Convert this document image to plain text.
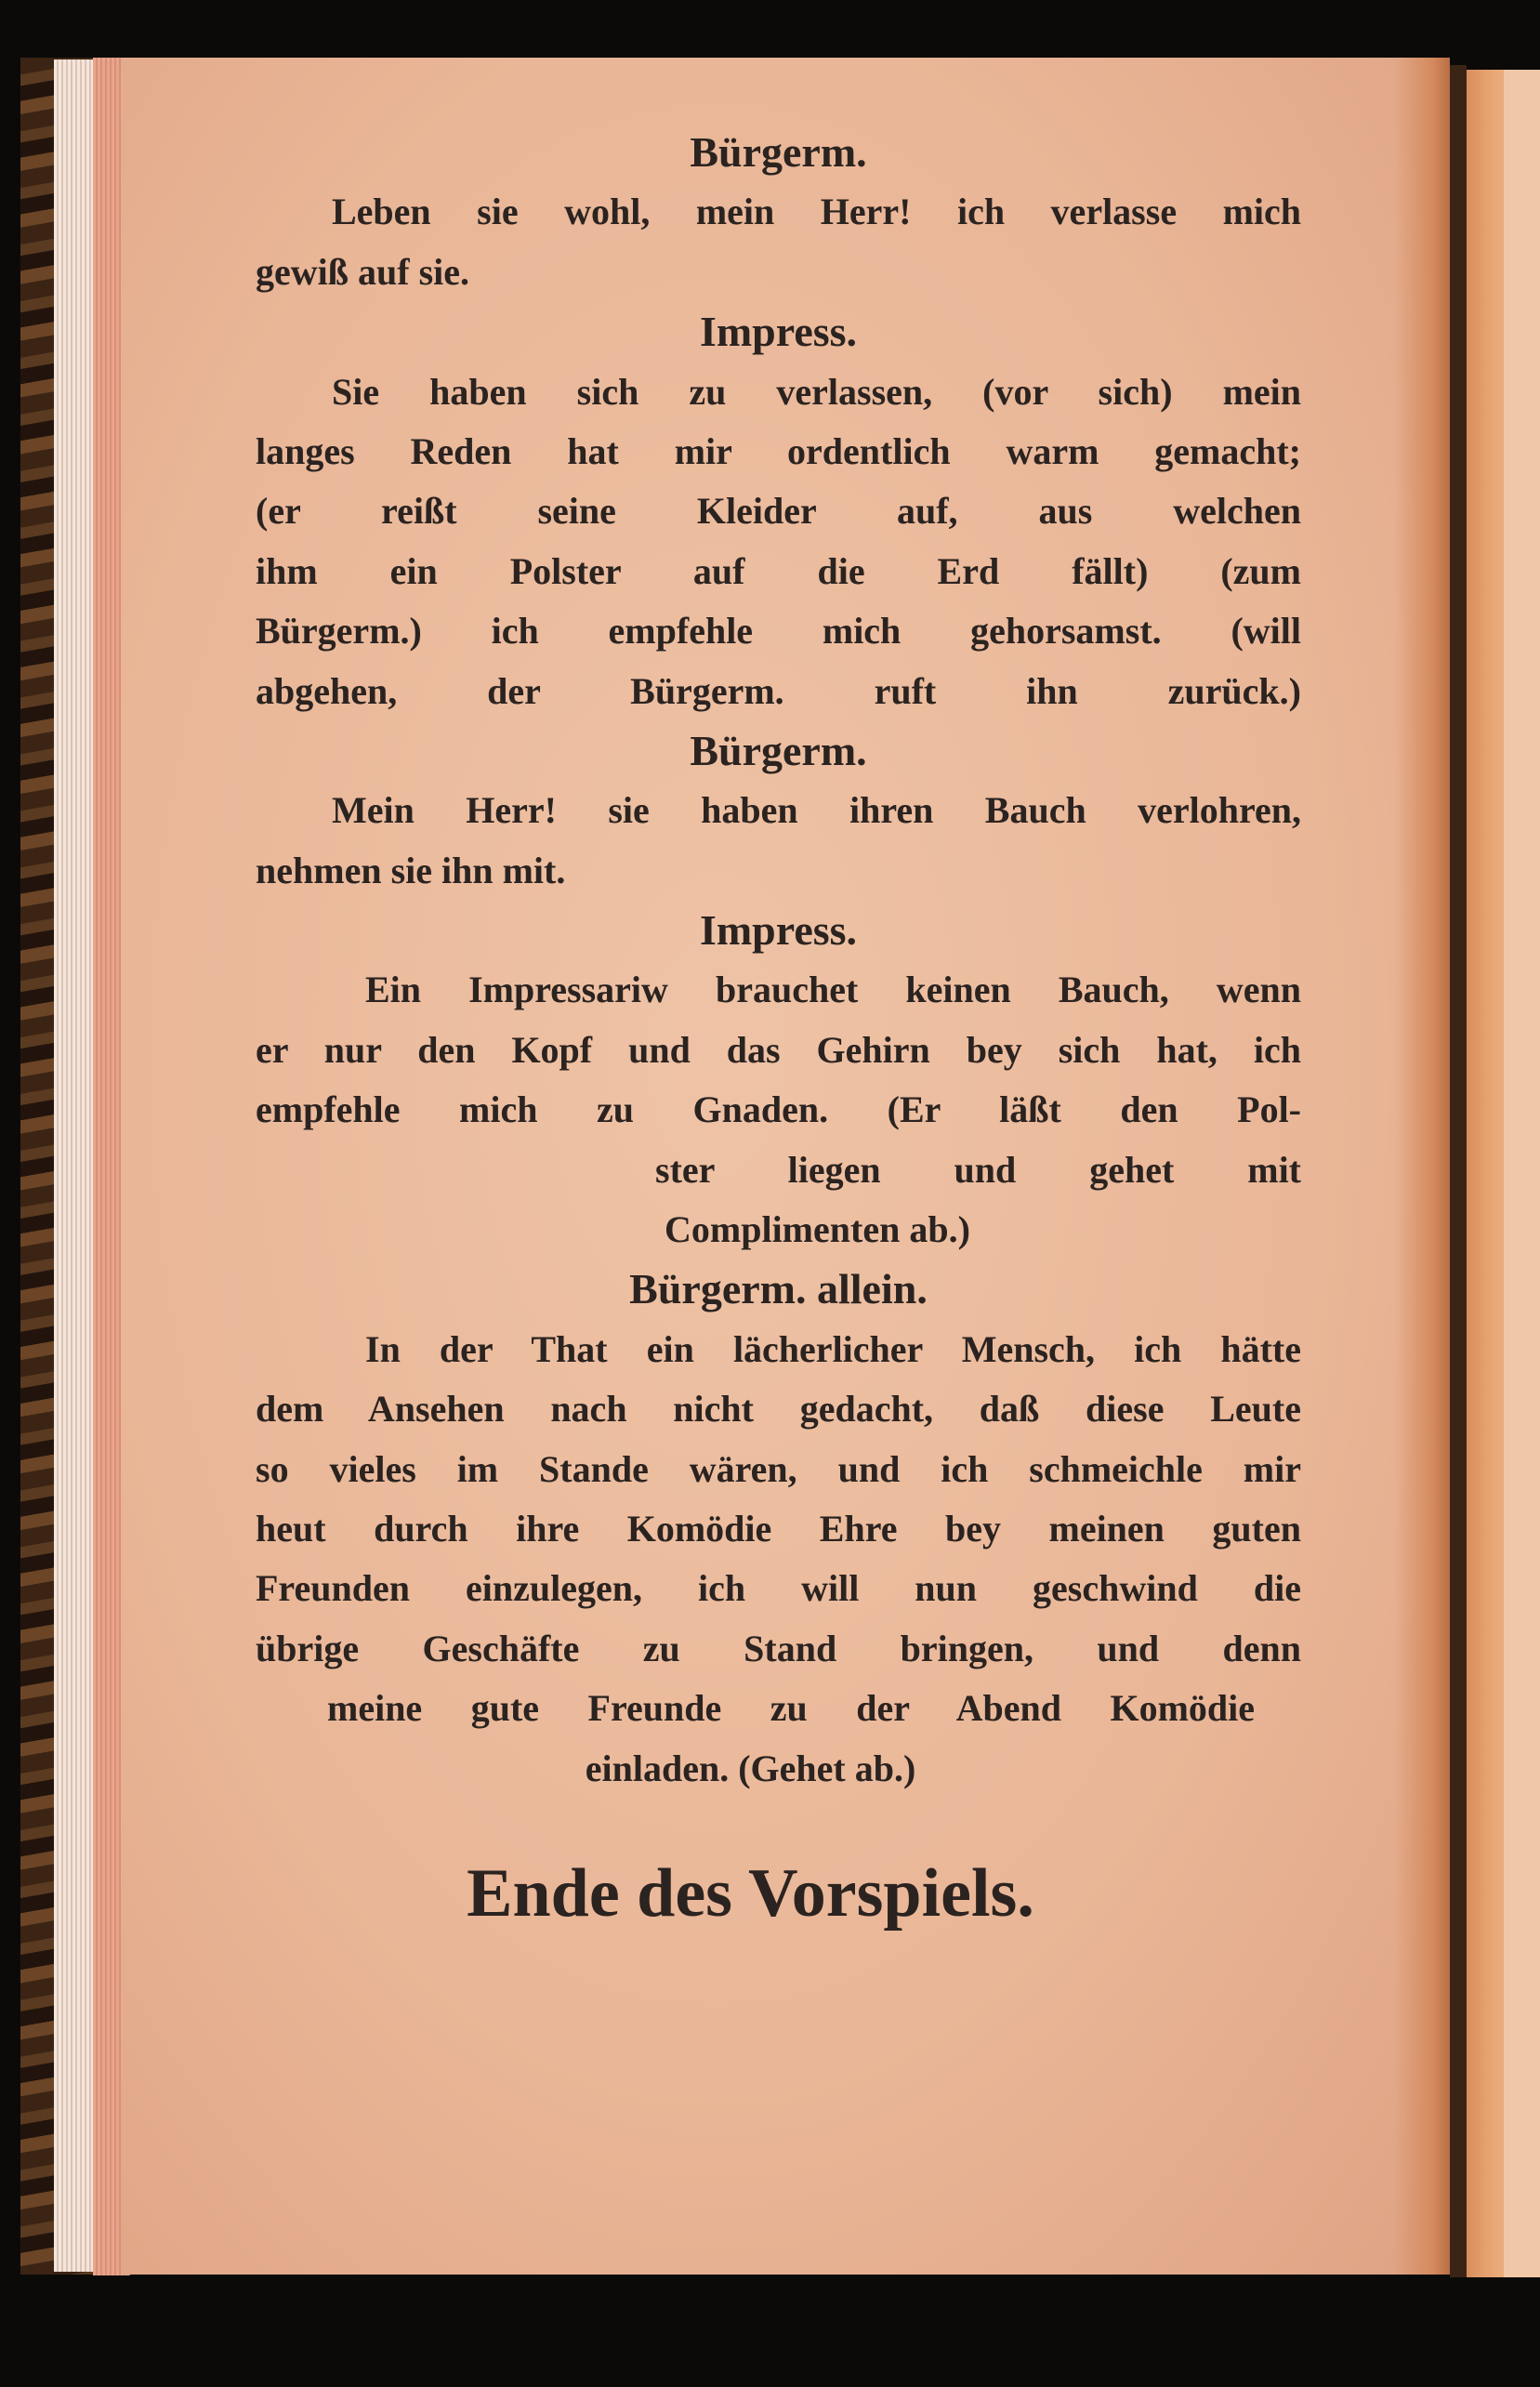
Bürgerm.
Leben sie wohl, mein Herr! ich verlasse mich
gewiß auf sie.
Impress.
Sie haben sich zu verlassen, (vor sich) mein
langes Reden hat mir ordentlich warm gemacht;
(er reißt seine Kleider auf, aus welchen
ihm ein Polster auf die Erd fällt) (zum
Bürgerm.) ich empfehle mich gehorsamst. (will
abgehen, der Bürgerm. ruft ihn zurück.)
Bürgerm.
Mein Herr! sie haben ihren Bauch verlohren,
nehmen sie ihn mit.
Impress.
Ein Impressariw brauchet keinen Bauch, wenn
er nur den Kopf und das Gehirn bey sich hat, ich
empfehle mich zu Gnaden. (Er läßt den Pol-
ster liegen und gehet mit
Complimenten ab.)
Bürgerm. allein.
In der That ein lächerlicher Mensch, ich hätte
dem Ansehen nach nicht gedacht, daß diese Leute
so vieles im Stande wären, und ich schmeichle mir
heut durch ihre Komödie Ehre bey meinen guten
Freunden einzulegen, ich will nun geschwind die
übrige Geschäfte zu Stand bringen, und denn
meine gute Freunde zu der Abend Komödie
einladen. (Gehet ab.)
Ende des Vorspiels.
